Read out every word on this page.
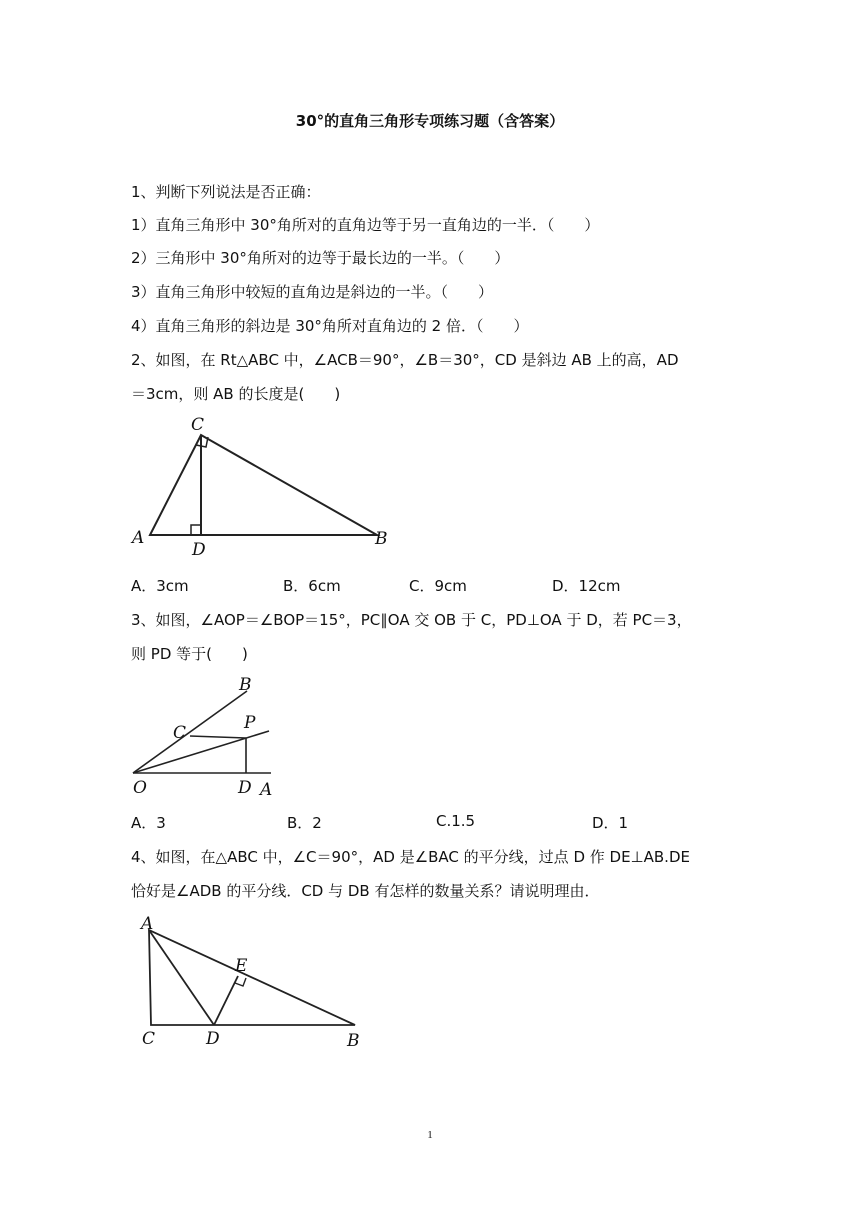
30°的直角三角形专项练习题（含答案）
1、判断下列说法是否正确：
1）直角三角形中 30°角所对的直角边等于另一直角边的一半．（　　）
2）三角形中 30°角所对的边等于最长边的一半。（　　）
3）直角三角形中较短的直角边是斜边的一半。（　　）
4）直角三角形的斜边是 30°角所对直角边的 2 倍．（　　）
2、如图，在 Rt△ABC 中，∠ACB＝90°，∠B＝30°，CD 是斜边 AB 上的高，AD
＝3cm，则 AB 的长度是(　　)
C
A
D
B
A．3cm	B．6cm	C．9cm	D．12cm
3、如图，∠AOP＝∠BOP＝15°，PC∥OA 交 OB 于 C，PD⊥OA 于 D，若 PC＝3，
则 PD 等于(　　)
B
C	P
O	D A
A．3	B．2	C.1.5	D．1
4、如图，在△ABC 中，∠C＝90°，AD 是∠BAC 的平分线，过点 D 作 DE⊥AB.DE
恰好是∠ADB 的平分线．CD 与 DB 有怎样的数量关系？请说明理由．
A
E
C	D	B
1
